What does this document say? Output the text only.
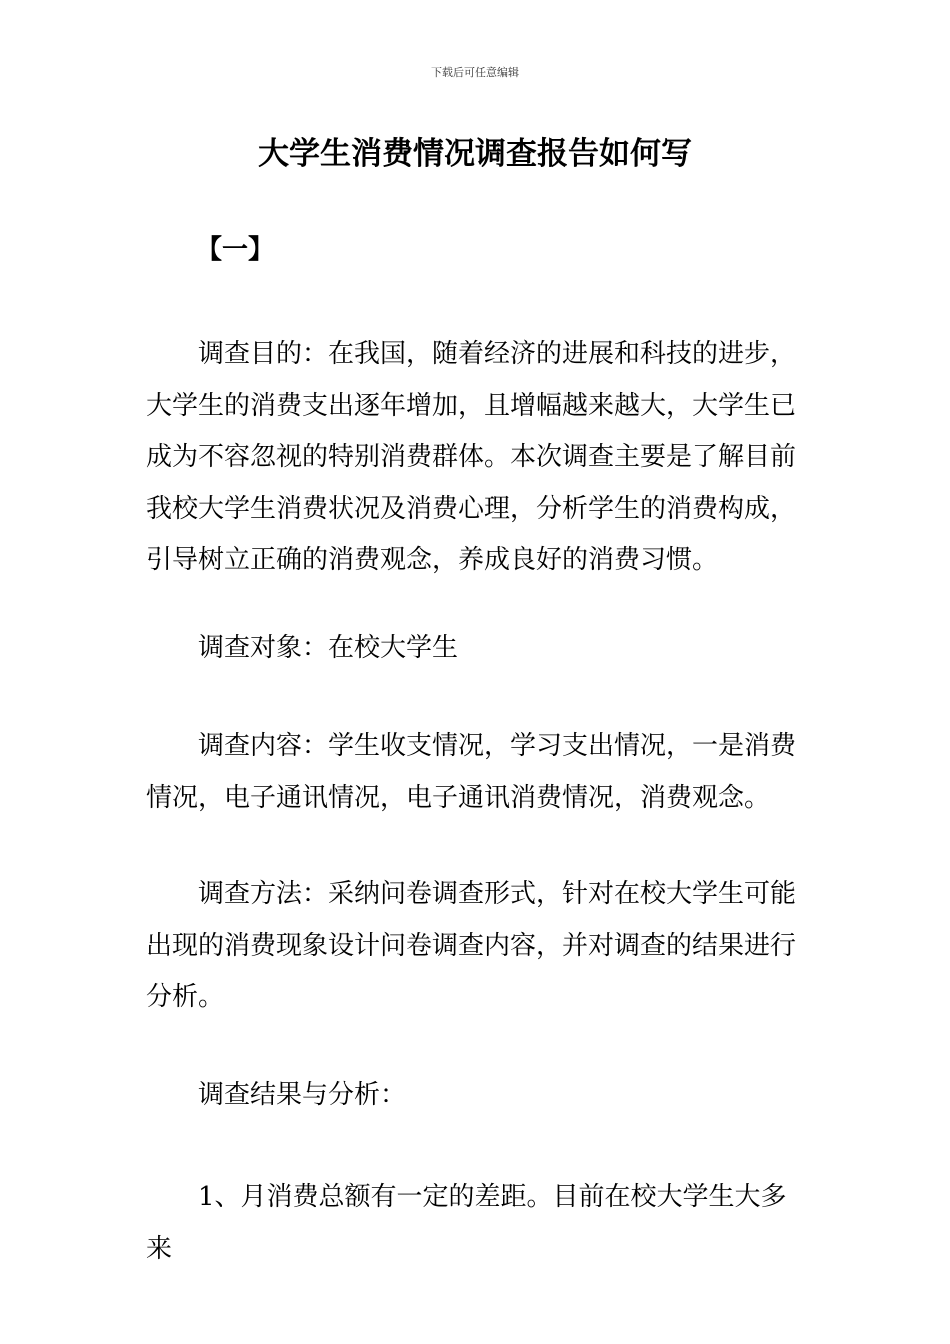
下载后可任意编辑
大学生消费情况调查报告如何写
【一】

调查目的：在我国，随着经济的进展和科技的进步，大学生的消费支出逐年增加，且增幅越来越大，大学生已成为不容忽视的特别消费群体。本次调查主要是了解目前我校大学生消费状况及消费心理，分析学生的消费构成，引导树立正确的消费观念，养成良好的消费习惯。

调查对象：在校大学生

调查内容：学生收支情况，学习支出情况，一是消费情况，电子通讯情况，电子通讯消费情况，消费观念。

调查方法：采纳问卷调查形式，针对在校大学生可能出现的消费现象设计问卷调查内容，并对调查的结果进行分析。

调查结果与分析：

1、月消费总额有一定的差距。目前在校大学生大多来
